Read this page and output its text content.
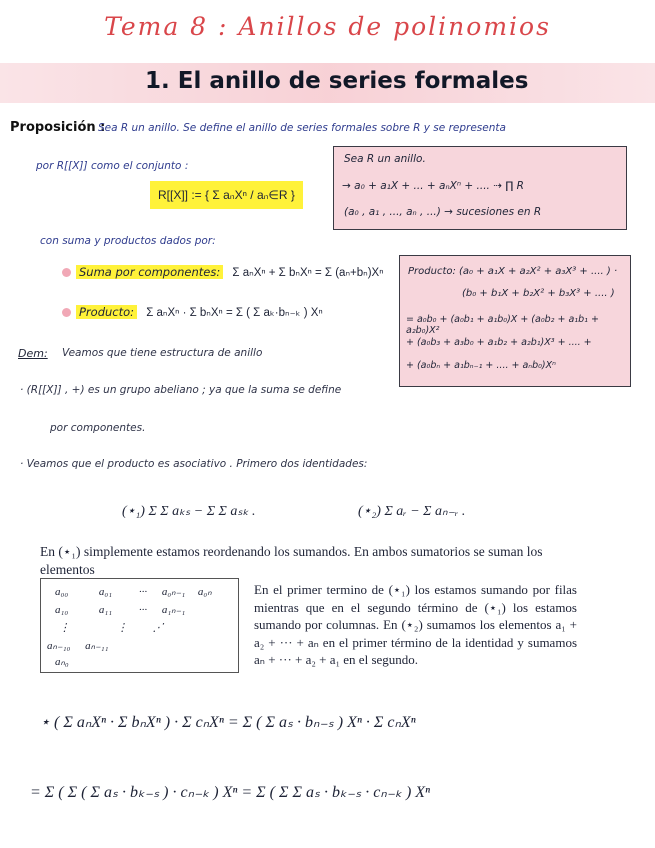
Tema 8 : Anillos de polinomios
1. El anillo de series formales
Proposición :
Sea R un anillo. Se define el anillo de series formales sobre R y se representa
por R[[X]] como el conjunto :
R[[X]] := { Σ aₙXⁿ / aₙ∈R }
con suma y productos dados por:
Suma por componentes: Σ aₙXⁿ + Σ bₙXⁿ = Σ (aₙ+bₙ)Xⁿ
Producto: Σ aₙXⁿ · Σ bₙXⁿ = Σ ( Σ aₖ·bₙ₋ₖ ) Xⁿ
Sea R un anillo.
→ a₀ + a₁X + ... + aₙXⁿ + .... ⇢ ∏ R
(a₀ , a₁ , ..., aₙ , ...) → sucesiones en R
Producto: (a₀ + a₁X + a₂X² + a₃X³ + .... ) ·
(b₀ + b₁X + b₂X² + b₃X³ + .... )
= a₀b₀ + (a₀b₁ + a₁b₀)X + (a₀b₂ + a₁b₁ + a₂b₀)X²
+ (a₀b₃ + a₃b₀ + a₁b₂ + a₂b₁)X³ + .... +
+ (a₀bₙ + a₁bₙ₋₁ + .... + aₙb₀)Xⁿ
Dem: Veamos que tiene estructura de anillo
· (R[[X]] , +) es un grupo abeliano ; ya que la suma se define
por componentes.
· Veamos que el producto es asociativo . Primero dos identidades:
(⋆₁) Σ Σ aₖₛ − Σ Σ aₛₖ .	(⋆₂) Σ aᵣ − Σ aₙ₋ᵣ .
En (⋆₁) simplemente estamos reordenando los sumandos. En ambos sumatorios se suman los elementos
a₀₀	a₀₁ ··· a₀ₙ₋₁ a₀ₙ
a₁₀	a₁₁ ··· a₁ₙ₋₁
⋮	⋮ ⋰
aₙ₋₁₀ aₙ₋₁₁
aₙ₀
En el primer termino de (⋆₁) los estamos sumando por filas mientras que en el segundo término de (⋆₁) los estamos sumando por columnas. En (⋆₂) sumamos los elementos a₁ + a₂ + ··· + aₙ en el primer término de la identidad y sumamos aₙ + ··· + a₂ + a₁ en el segundo.
⋆ ( Σ aₙXⁿ · Σ bₙXⁿ ) · Σ cₙXⁿ = Σ ( Σ aₛ · bₙ₋ₛ ) Xⁿ · Σ cₙXⁿ
= Σ ( Σ ( Σ aₛ · bₖ₋ₛ ) · cₙ₋ₖ ) Xⁿ = Σ ( Σ Σ aₛ · bₖ₋ₛ · cₙ₋ₖ ) Xⁿ
